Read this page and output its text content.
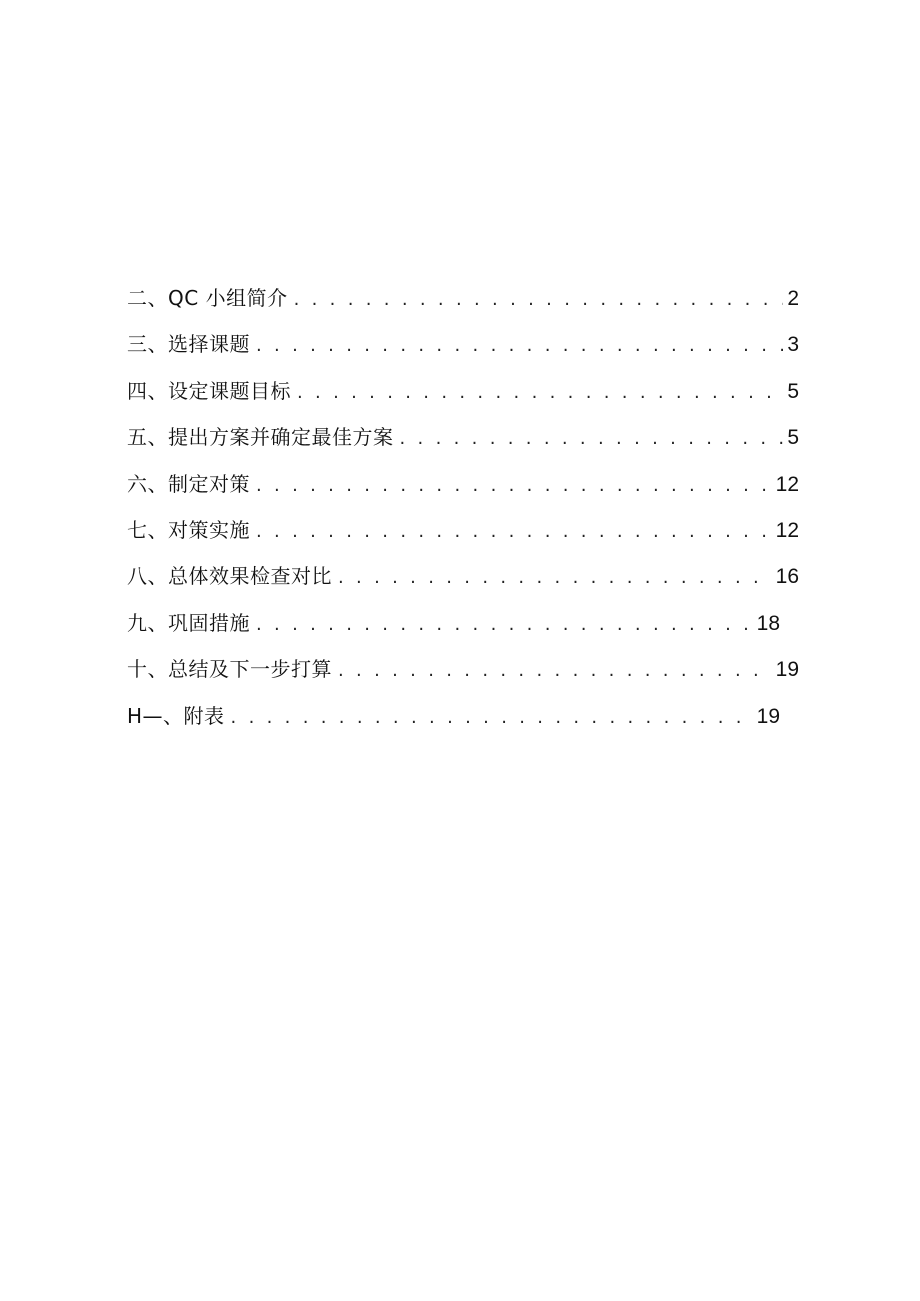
二、QC 小组简介 . . .	2
三、选择课题 . . .	3
四、设定课题目标 . . .	5
五、提出方案并确定最佳方案 . . .	5
六、制定对策 . . .	12
七、对策实施 . . .	12
八、总体效果检查对比 . . .	16
九、巩固措施 . . .	18
十、总结及下一步打算 . . .	19
H—、附表 . . .	19
